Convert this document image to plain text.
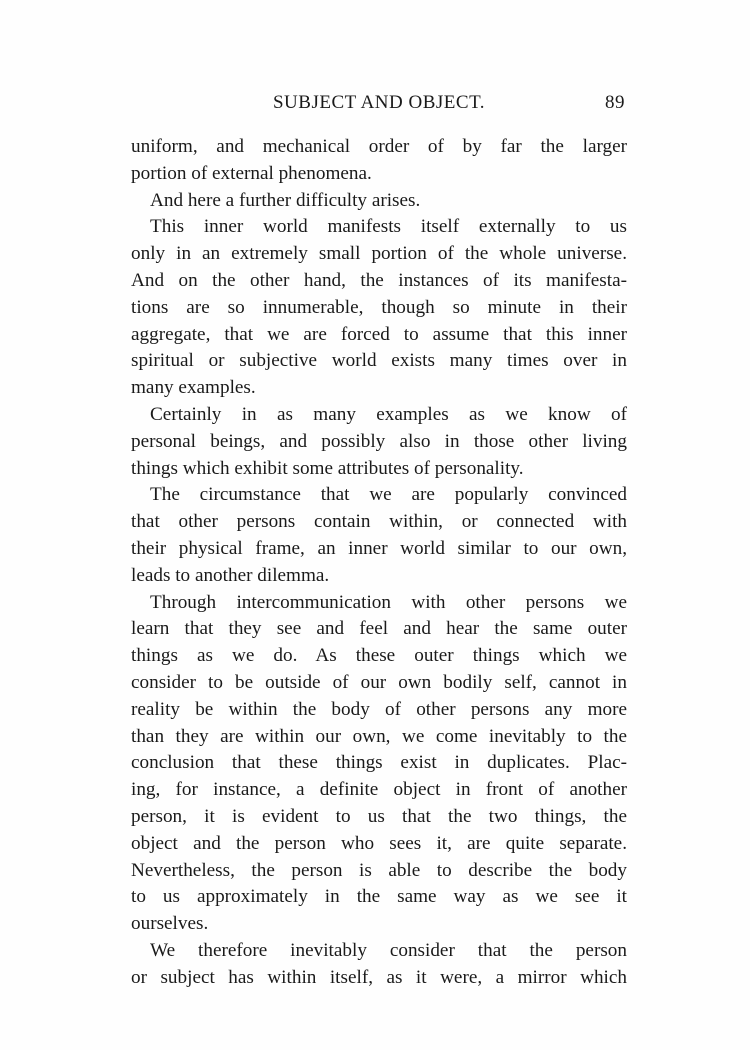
SUBJECT AND OBJECT.	89
uniform, and mechanical order of by far the larger
portion of external phenomena.
And here a further difficulty arises.
This inner world manifests itself externally to us
only in an extremely small portion of the whole universe.
And on the other hand, the instances of its manifesta-
tions are so innumerable, though so minute in their
aggregate, that we are forced to assume that this inner
spiritual or subjective world exists many times over in
many examples.
Certainly in as many examples as we know of
personal beings, and possibly also in those other living
things which exhibit some attributes of personality.
The circumstance that we are popularly convinced
that other persons contain within, or connected with
their physical frame, an inner world similar to our own,
leads to another dilemma.
Through intercommunication with other persons we
learn that they see and feel and hear the same outer
things as we do. As these outer things which we
consider to be outside of our own bodily self, cannot in
reality be within the body of other persons any more
than they are within our own, we come inevitably to the
conclusion that these things exist in duplicates. Plac-
ing, for instance, a definite object in front of another
person, it is evident to us that the two things, the
object and the person who sees it, are quite separate.
Nevertheless, the person is able to describe the body
to us approximately in the same way as we see it
ourselves.
We therefore inevitably consider that the person
or subject has within itself, as it were, a mirror which
